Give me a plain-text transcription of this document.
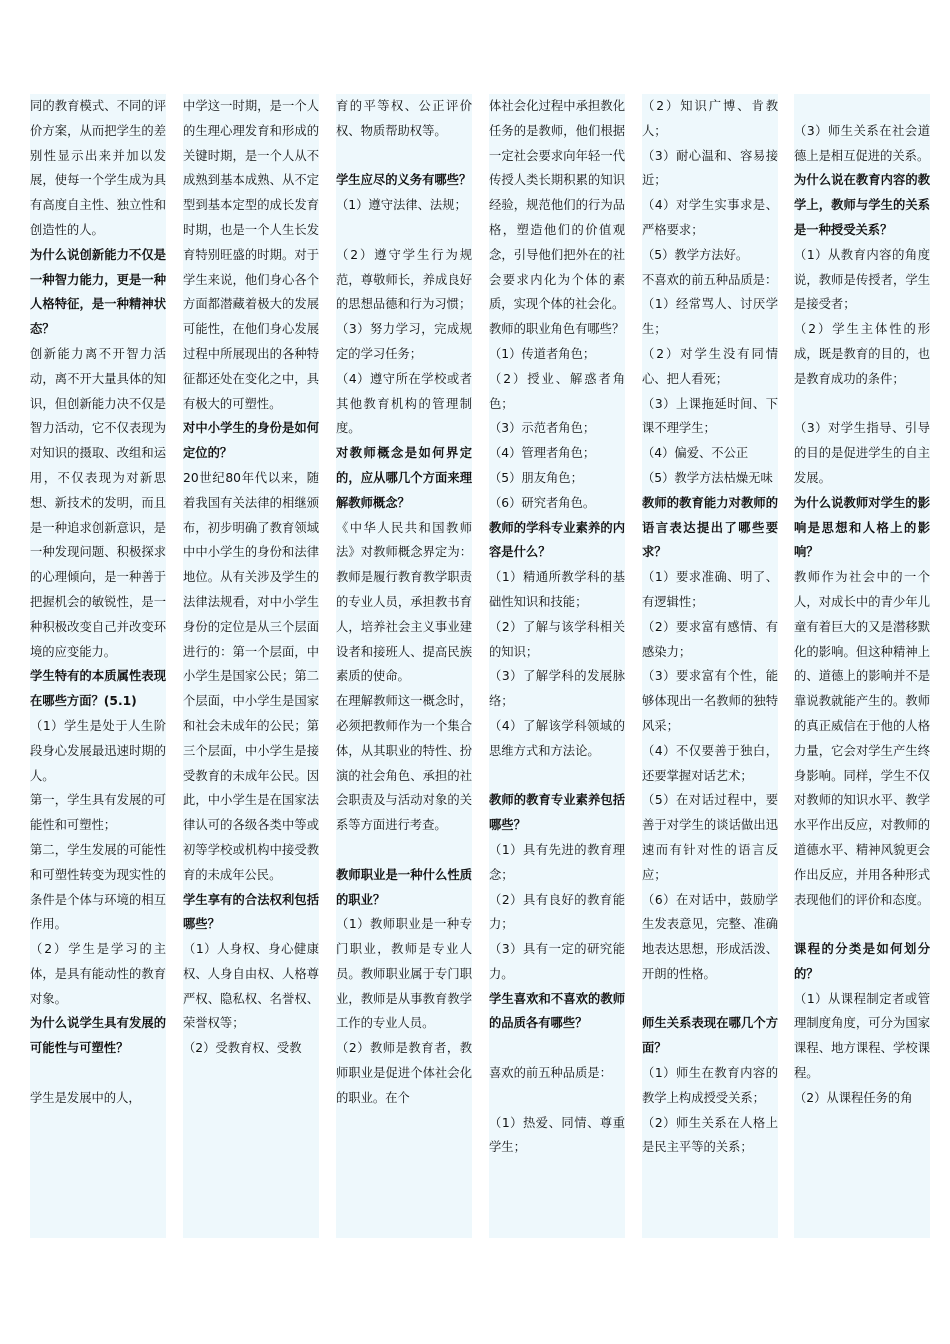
同的教育模式、不同的评价方案，从而把学生的差别性显示出来并加以发展，使每一个学生成为具有高度自主性、独立性和创造性的人。

为什么说创新能力不仅是一种智力能力，更是一种人格特征，是一种精神状态？

创新能力离不开智力活动，离不开大量具体的知识，但创新能力决不仅是智力活动，它不仅表现为对知识的摄取、改组和运用，不仅表现为对新思想、新技术的发明，而且是一种追求创新意识，是一种发现问题、积极探求的心理倾向，是一种善于把握机会的敏锐性，是一种积极改变自己并改变环境的应变能力。

学生特有的本质属性表现在哪些方面？(5.1)

（1）学生是处于人生阶段身心发展最迅速时期的人。

第一，学生具有发展的可能性和可塑性；

第二，学生发展的可能性和可塑性转变为现实性的条件是个体与环境的相互作用。

（2）学生是学习的主体，是具有能动性的教育对象。

为什么说学生具有发展的可能性与可塑性？

学生是发展中的人，

中学这一时期，是一个人的生理心理发育和形成的关键时期，是一个人从不成熟到基本成熟、从不定型到基本定型的成长发育时期，也是一个人生长发育特别旺盛的时期。对于学生来说，他们身心各个方面都潜藏着极大的发展可能性，在他们身心发展过程中所展现出的各种特征都还处在变化之中，具有极大的可塑性。

对中小学生的身份是如何定位的？

20世纪80年代以来，随着我国有关法律的相继颁布，初步明确了教育领域中中小学生的身份和法律地位。从有关涉及学生的法律法规看，对中小学生身份的定位是从三个层面进行的：第一个层面，中小学生是国家公民；第二个层面，中小学生是国家和社会未成年的公民；第三个层面，中小学生是接受教育的未成年公民。因此，中小学生是在国家法律认可的各级各类中等或初等学校或机构中接受教育的未成年公民。

学生享有的合法权利包括哪些？

（1）人身权、身心健康权、人身自由权、人格尊严权、隐私权、名誉权、荣誉权等；

（2）受教育权、受教

育的平等权、公正评价权、物质帮助权等。

学生应尽的义务有哪些？

（1）遵守法律、法规；

（2）遵守学生行为规范，尊敬师长，养成良好的思想品德和行为习惯；

（3）努力学习，完成规定的学习任务；

（4）遵守所在学校或者其他教育机构的管理制度。

对教师概念是如何界定的，应从哪几个方面来理解教师概念？

《中华人民共和国教师法》对教师概念界定为：教师是履行教育教学职责的专业人员，承担教书育人，培养社会主义事业建设者和接班人、提高民族素质的使命。

在理解教师这一概念时，必须把教师作为一个集合体，从其职业的特性、扮演的社会角色、承担的社会职责及与活动对象的关系等方面进行考查。

教师职业是一种什么性质的职业？

（1）教师职业是一种专门职业，教师是专业人员。教师职业属于专门职业，教师是从事教育教学工作的专业人员。

（2）教师是教育者，教师职业是促进个体社会化的职业。在个

体社会化过程中承担教化任务的是教师，他们根据一定社会要求向年轻一代传授人类长期积累的知识经验，规范他们的行为品格，塑造他们的价值观念，引导他们把外在的社会要求内化为个体的素质，实现个体的社会化。

教师的职业角色有哪些？

（1）传道者角色；

（2）授业、解惑者角色；

（3）示范者角色；

（4）管理者角色；

（5）朋友角色；

（6）研究者角色。

教师的学科专业素养的内容是什么？

（1）精通所教学科的基础性知识和技能；

（2）了解与该学科相关的知识；

（3）了解学科的发展脉络；

（4）了解该学科领域的思维方式和方法论。

教师的教育专业素养包括哪些？

（1）具有先进的教育理念；

（2）具有良好的教育能力；

（3）具有一定的研究能力。

学生喜欢和不喜欢的教师的品质各有哪些？

喜欢的前五种品质是：

（1）热爱、同情、尊重学生；

（2）知识广博、肯教人；

（3）耐心温和、容易接近；

（4）对学生实事求是、严格要求；

（5）教学方法好。

不喜欢的前五种品质是：

（1）经常骂人、讨厌学生；

（2）对学生没有同情心、把人看死；

（3）上课拖延时间、下课不理学生；

（4）偏爱、不公正

（5）教学方法枯燥无味

教师的教育能力对教师的语言表达提出了哪些要求？

（1）要求准确、明了、有逻辑性；

（2）要求富有感情、有感染力；

（3）要求富有个性，能够体现出一名教师的独特风采；

（4）不仅要善于独白，还要掌握对话艺术；

（5）在对话过程中，要善于对学生的谈话做出迅速而有针对性的语言反应；

（6）在对话中，鼓励学生发表意见，完整、准确地表达思想，形成活泼、开朗的性格。

师生关系表现在哪几个方面？

（1）师生在教育内容的教学上构成授受关系；

（2）师生关系在人格上是民主平等的关系；

（3）师生关系在社会道德上是相互促进的关系。

为什么说在教育内容的教学上，教师与学生的关系是一种授受关系？

（1）从教育内容的角度说，教师是传授者，学生是接受者；

（2）学生主体性的形成，既是教育的目的，也是教育成功的条件；

（3）对学生指导、引导的目的是促进学生的自主发展。

为什么说教师对学生的影响是思想和人格上的影响？

教师作为社会中的一个人，对成长中的青少年儿童有着巨大的又是潜移默化的影响。但这种精神上的、道德上的影响并不是靠说教就能产生的。教师的真正威信在于他的人格力量，它会对学生产生终身影响。同样，学生不仅对教师的知识水平、教学水平作出反应，对教师的道德水平、精神风貌更会作出反应，并用各种形式表现他们的评价和态度。

课程的分类是如何划分的？

（1）从课程制定者或管理制度角度，可分为国家课程、地方课程、学校课程。

（2）从课程任务的角
